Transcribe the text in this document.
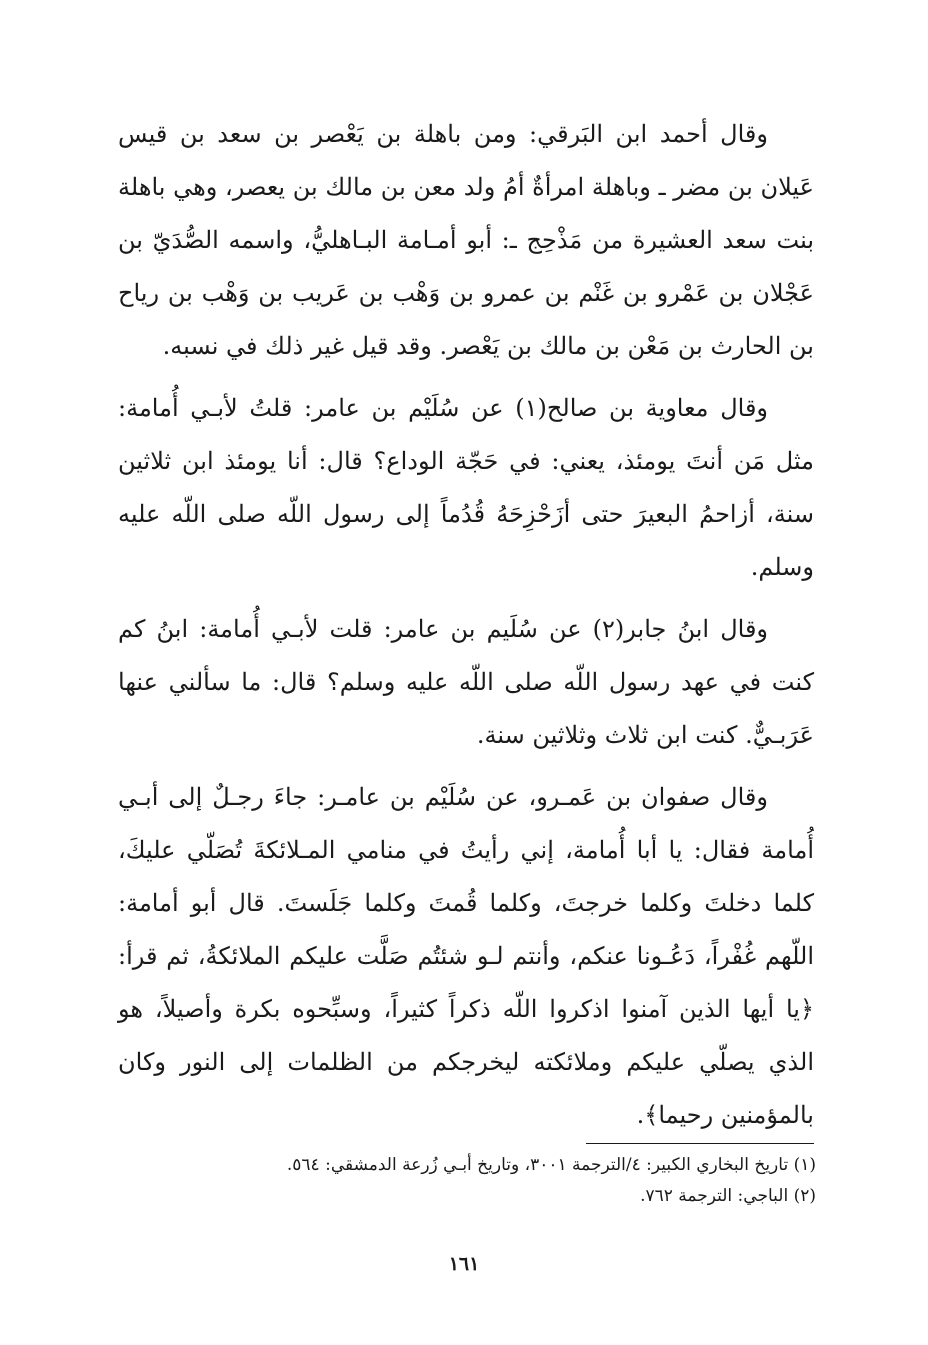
وقال أحمد ابن البَرقي: ومن باهلة بن يَعْصر بن سعد بن قيس عَيلان بن مضر ـ وباهلة امرأةٌ أمُ ولد معن بن مالك بن يعصر، وهي باهلة بنت سعد العشيرة من مَذْحِج ـ: أبو أمـامة البـاهليُّ، واسمه الصُّدَيّ بن عَجْلان بن عَمْرو بن غَنْم بن عمرو بن وَهْب بن عَريب بن وَهْب بن رياح بن الحارث بن مَعْن بن مالك بن يَعْصر. وقد قيل غير ذلك في نسبه.

وقال معاوية بن صالح(١) عن سُلَيْم بن عامر: قلتُ لأبـي أُمامة: مثل مَن أنتَ يومئذ، يعني: في حَجّة الوداع؟ قال: أنا يومئذ ابن ثلاثين سنة، أزاحمُ البعيرَ حتى أزَحْزِحَهُ قُدُماً إلى رسول اللّه صلى اللّه عليه وسلم.

وقال ابنُ جابر(٢) عن سُلَيم بن عامر: قلت لأبـي أُمامة: ابنُ كم كنت في عهد رسول اللّه صلى اللّه عليه وسلم؟ قال: ما سألني عنها عَرَبـيٌّ. كنت ابن ثلاث وثلاثين سنة.

وقال صفوان بن عَمـرو، عن سُلَيْم بن عامـر: جاءَ رجـلٌ إلى أبـي أُمامة فقال: يا أبا أُمامة، إني رأيتُ في منامي المـلائكةَ تُصَلّي عليكَ، كلما دخلتَ وكلما خرجتَ، وكلما قُمتَ وكلما جَلَستَ. قال أبو أمامة: اللّهم غُفْراً، دَعُـونا عنكم، وأنتم لـو شئتُم صَلَّت عليكم الملائكةُ، ثم قرأ: ﴿يا أيها الذين آمنوا اذكروا اللّه ذكراً كثيراً، وسبِّحوه بكرة وأصيلاً، هو الذي يصلّي عليكم وملائكته ليخرجكم من الظلمات إلى النور وكان بالمؤمنين رحيما﴾.

(١) تاريخ البخاري الكبير: ٤/الترجمة ٣٠٠١، وتاريخ أبـي زُرعة الدمشقي: ٥٦٤.

(٢) الباجي: الترجمة ٧٦٢.

١٦١
